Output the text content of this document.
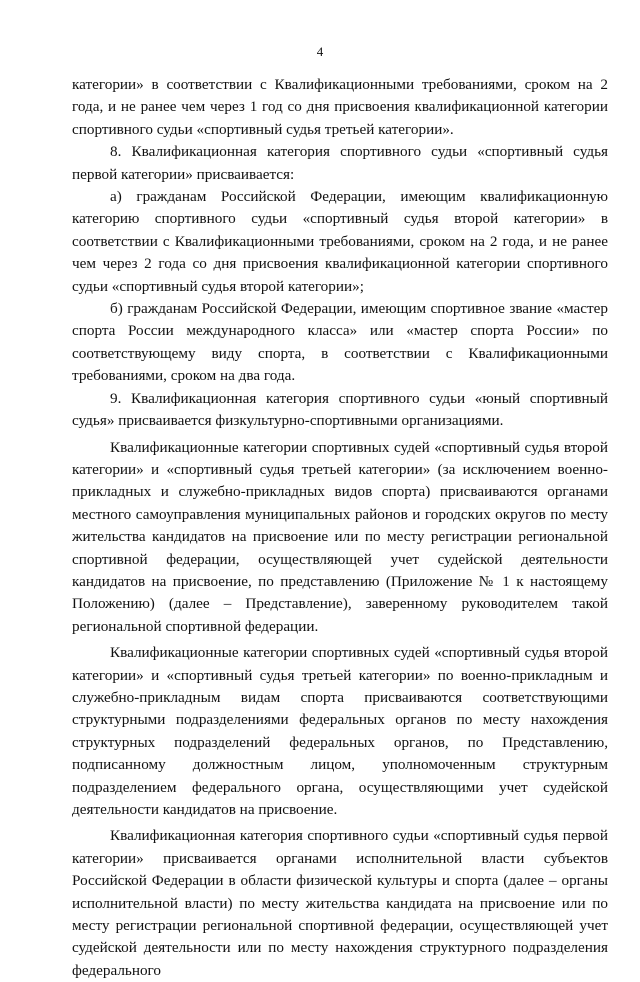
4

категории» в соответствии с Квалификационными требованиями, сроком на 2 года, и не ранее чем через 1 год со дня присвоения квалификационной категории спортивного судьи «спортивный судья третьей категории».

8. Квалификационная категория спортивного судьи «спортивный судья первой категории» присваивается:

а) гражданам Российской Федерации, имеющим квалификационную категорию спортивного судьи «спортивный судья второй категории» в соответствии с Квалификационными требованиями, сроком на 2 года, и не ранее чем через 2 года со дня присвоения квалификационной категории спортивного судьи «спортивный судья второй категории»;

б) гражданам Российской Федерации, имеющим спортивное звание «мастер спорта России международного класса» или «мастер спорта России» по соответствующему виду спорта, в соответствии с Квалификационными требованиями, сроком на два года.

9. Квалификационная категория спортивного судьи «юный спортивный судья» присваивается физкультурно-спортивными организациями.

Квалификационные категории спортивных судей «спортивный судья второй категории» и «спортивный судья третьей категории» (за исключением военно-прикладных и служебно-прикладных видов спорта) присваиваются органами местного самоуправления муниципальных районов и городских округов по месту жительства кандидатов на присвоение или по месту регистрации региональной спортивной федерации, осуществляющей учет судейской деятельности кандидатов на присвоение, по представлению (Приложение № 1 к настоящему Положению) (далее – Представление), заверенному руководителем такой региональной спортивной федерации.

Квалификационные категории спортивных судей «спортивный судья второй категории» и «спортивный судья третьей категории» по военно-прикладным и служебно-прикладным видам спорта присваиваются соответствующими структурными подразделениями федеральных органов по месту нахождения структурных подразделений федеральных органов, по Представлению, подписанному должностным лицом, уполномоченным структурным подразделением федерального органа, осуществляющими учет судейской деятельности кандидатов на присвоение.

Квалификационная категория спортивного судьи «спортивный судья первой категории» присваивается органами исполнительной власти субъектов Российской Федерации в области физической культуры и спорта (далее – органы исполнительной власти) по месту жительства кандидата на присвоение или по месту регистрации региональной спортивной федерации, осуществляющей учет судейской деятельности или по месту нахождения структурного подразделения федерального
